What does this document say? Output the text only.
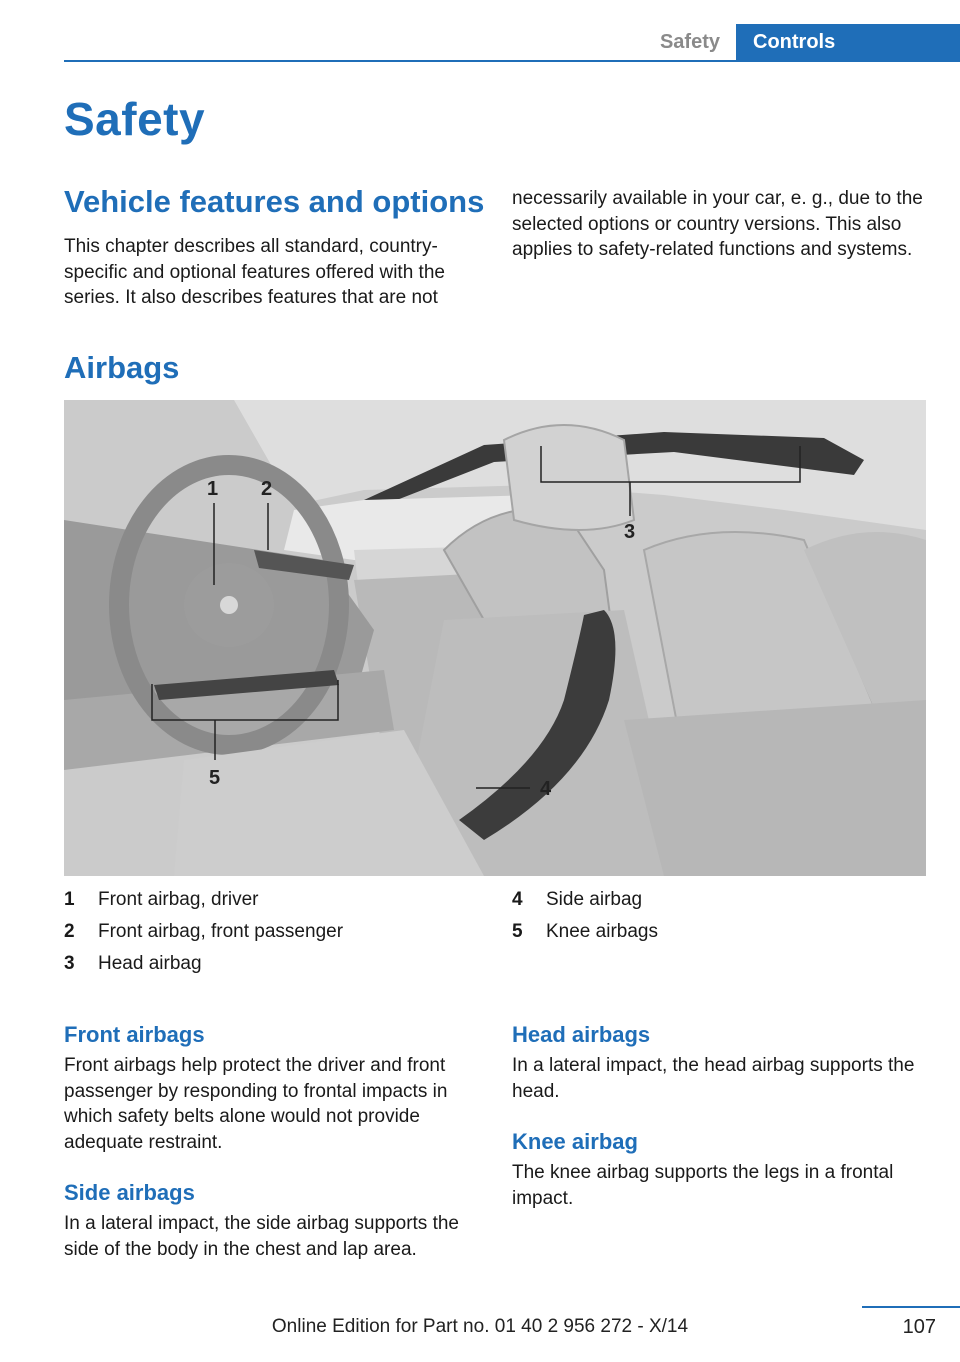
Safety	Controls
Safety
Vehicle features and options

This chapter describes all standard, country-specific and optional features offered with the series. It also describes features that are not

necessarily available in your car, e. g., due to the selected options or country versions. This also applies to safety-related functions and systems.

Airbags
1 2
3
4
5
1	Front airbag, driver
2	Front airbag, front passenger
3	Head airbag
4	Side airbag
5	Knee airbags
Front airbags

Front airbags help protect the driver and front passenger by responding to frontal impacts in which safety belts alone would not provide adequate restraint.

Side airbags

In a lateral impact, the side airbag supports the side of the body in the chest and lap area.

Head airbags

In a lateral impact, the head airbag supports the head.

Knee airbag

The knee airbag supports the legs in a frontal impact.

Online Edition for Part no. 01 40 2 956 272 - X/14	107
